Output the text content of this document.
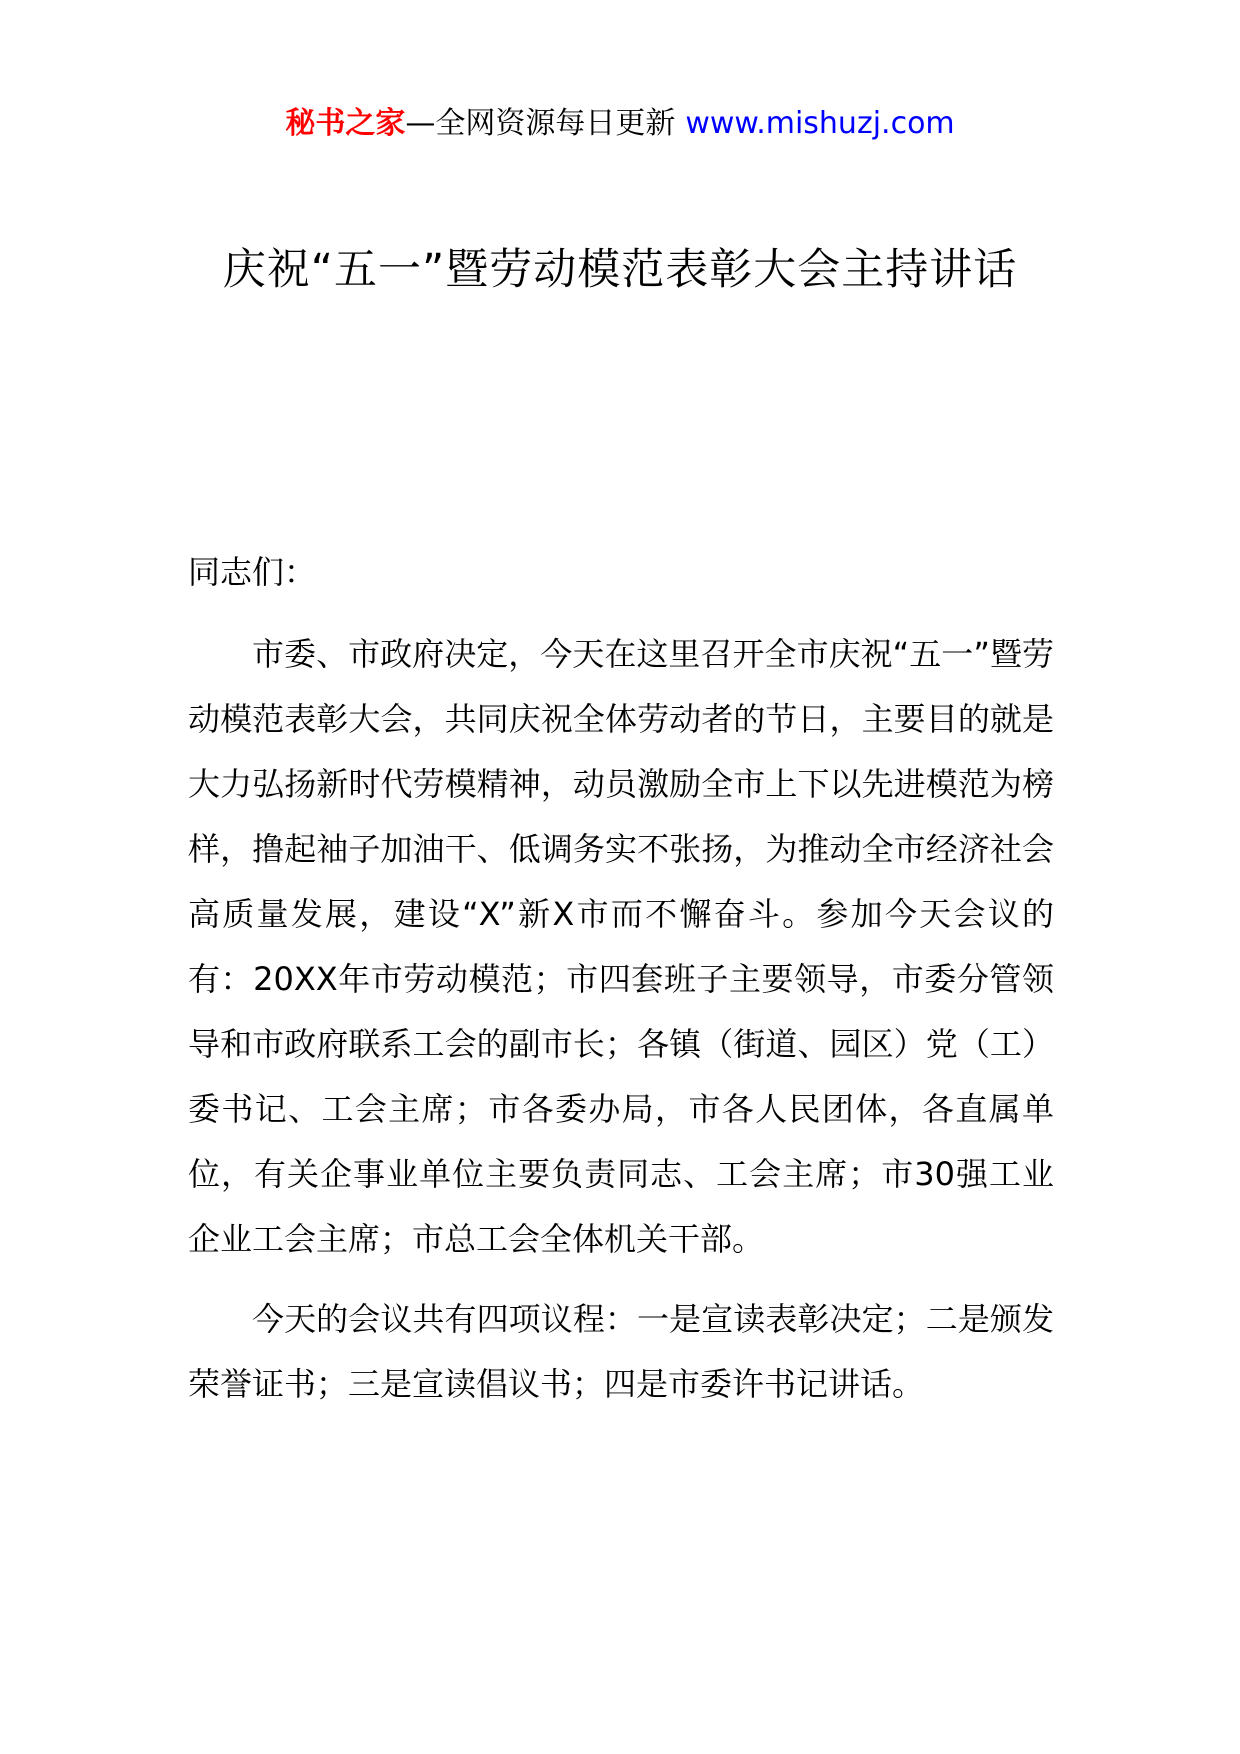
秘书之家—全网资源每日更新 www.mishuzj.com
庆祝“五一”暨劳动模范表彰大会主持讲话

同志们：

市委、市政府决定，今天在这里召开全市庆祝“五一”暨劳动模范表彰大会，共同庆祝全体劳动者的节日，主要目的就是大力弘扬新时代劳模精神，动员激励全市上下以先进模范为榜样，撸起袖子加油干、低调务实不张扬，为推动全市经济社会高质量发展，建设“X”新X市而不懈奋斗。参加今天会议的有：20XX年市劳动模范；市四套班子主要领导，市委分管领导和市政府联系工会的副市长；各镇（街道、园区）党（工）委书记、工会主席；市各委办局，市各人民团体，各直属单位，有关企事业单位主要负责同志、工会主席；市30强工业企业工会主席；市总工会全体机关干部。

今天的会议共有四项议程：一是宣读表彰决定；二是颁发荣誉证书；三是宣读倡议书；四是市委许书记讲话。
